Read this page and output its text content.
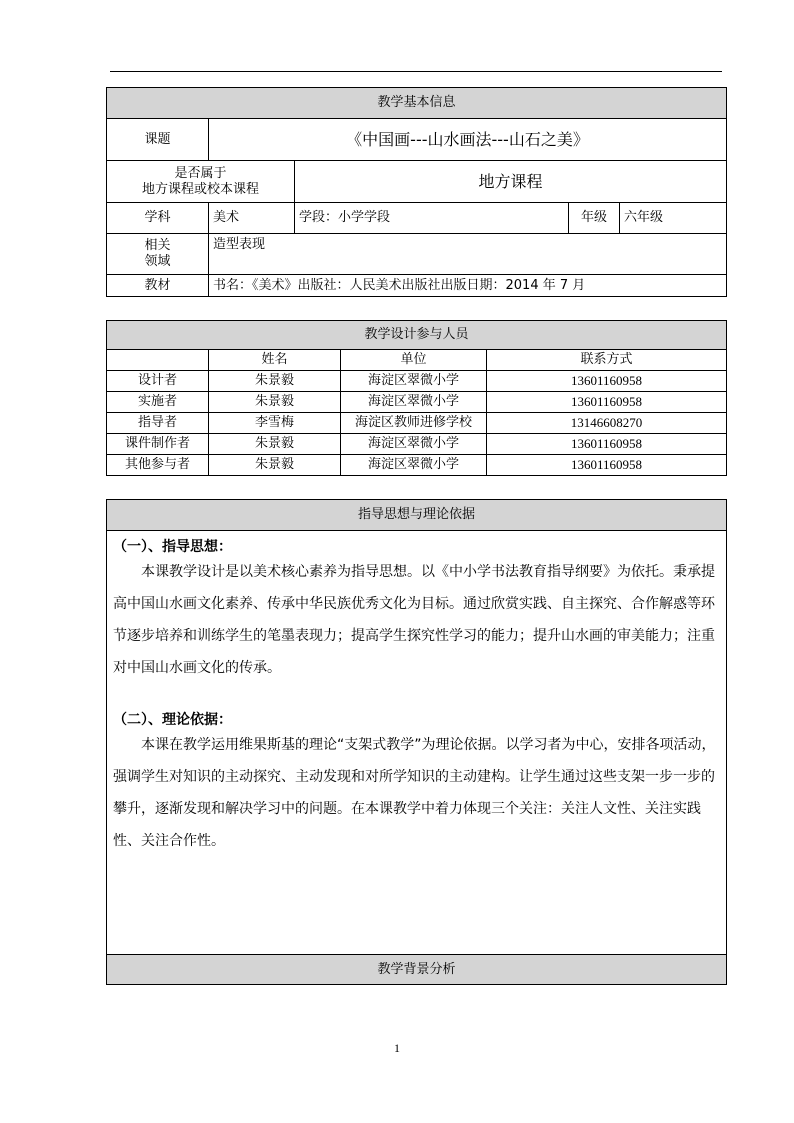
教学基本信息				
课题	《中国画---山水画法---山石之美》			

是否属于
地方课程或校本课程		地方课程		
学科	美术	学段：小学学段	年级	六年级

相关
领域	造型表现			
教材	书名：《美术》出版社：人民美术出版社出版日期：2014 年 7 月			
教学设计参与人员			
	姓名	单位	联系方式
设计者	朱景毅	海淀区翠微小学	13601160958
实施者	朱景毅	海淀区翠微小学	13601160958
指导者	李雪梅	海淀区教师进修学校	13146608270
课件制作者	朱景毅	海淀区翠微小学	13601160958
其他参与者	朱景毅	海淀区翠微小学	13601160958
指导思想与理论依据

（一）、指导思想：

本课教学设计是以美术核心素养为指导思想。以《中小学书法教育指导纲要》为依托。秉承提高中国山水画文化素养、传承中华民族优秀文化为目标。通过欣赏实践、自主探究、合作解惑等环节逐步培养和训练学生的笔墨表现力；提高学生探究性学习的能力；提升山水画的审美能力；注重对中国山水画文化的传承。

（二）、理论依据：

本课在教学运用维果斯基的理论“支架式教学”为理论依据。以学习者为中心，安排各项活动，强调学生对知识的主动探究、主动发现和对所学知识的主动建构。让学生通过这些支架一步一步的攀升，逐渐发现和解决学习中的问题。在本课教学中着力体现三个关注：关注人文性、关注实践性、关注合作性。

教学背景分析
1
